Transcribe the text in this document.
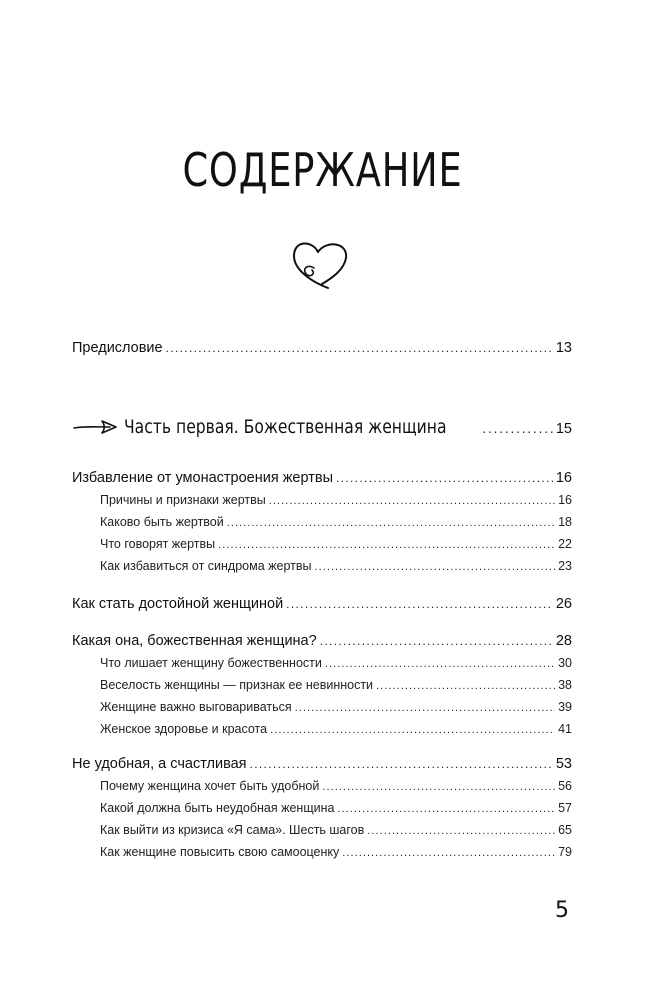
СОДЕРЖАНИЕ
Предисловие . . .	13
Часть первая. Божественная женщина . . .	15
Избавление от умонастроения жертвы . . .	16
Причины и признаки жертвы . . .	16
Каково быть жертвой . . .	18
Что говорят жертвы . . .	22
Как избавиться от синдрома жертвы . . .	23
Как стать достойной женщиной . . .	26
Какая она, божественная женщина? . . .	28
Что лишает женщину божественности . . .	30
Веселость женщины — признак ее невинности . . .	38
Женщине важно выговариваться . . .	39
Женское здоровье и красота . . .	41
Не удобная, а счастливая . . .	53
Почему женщина хочет быть удобной . . .	56
Какой должна быть неудобная женщина . . .	57
Как выйти из кризиса «Я сама». Шесть шагов . . .	65
Как женщине повысить свою самооценку . . .	79
5
